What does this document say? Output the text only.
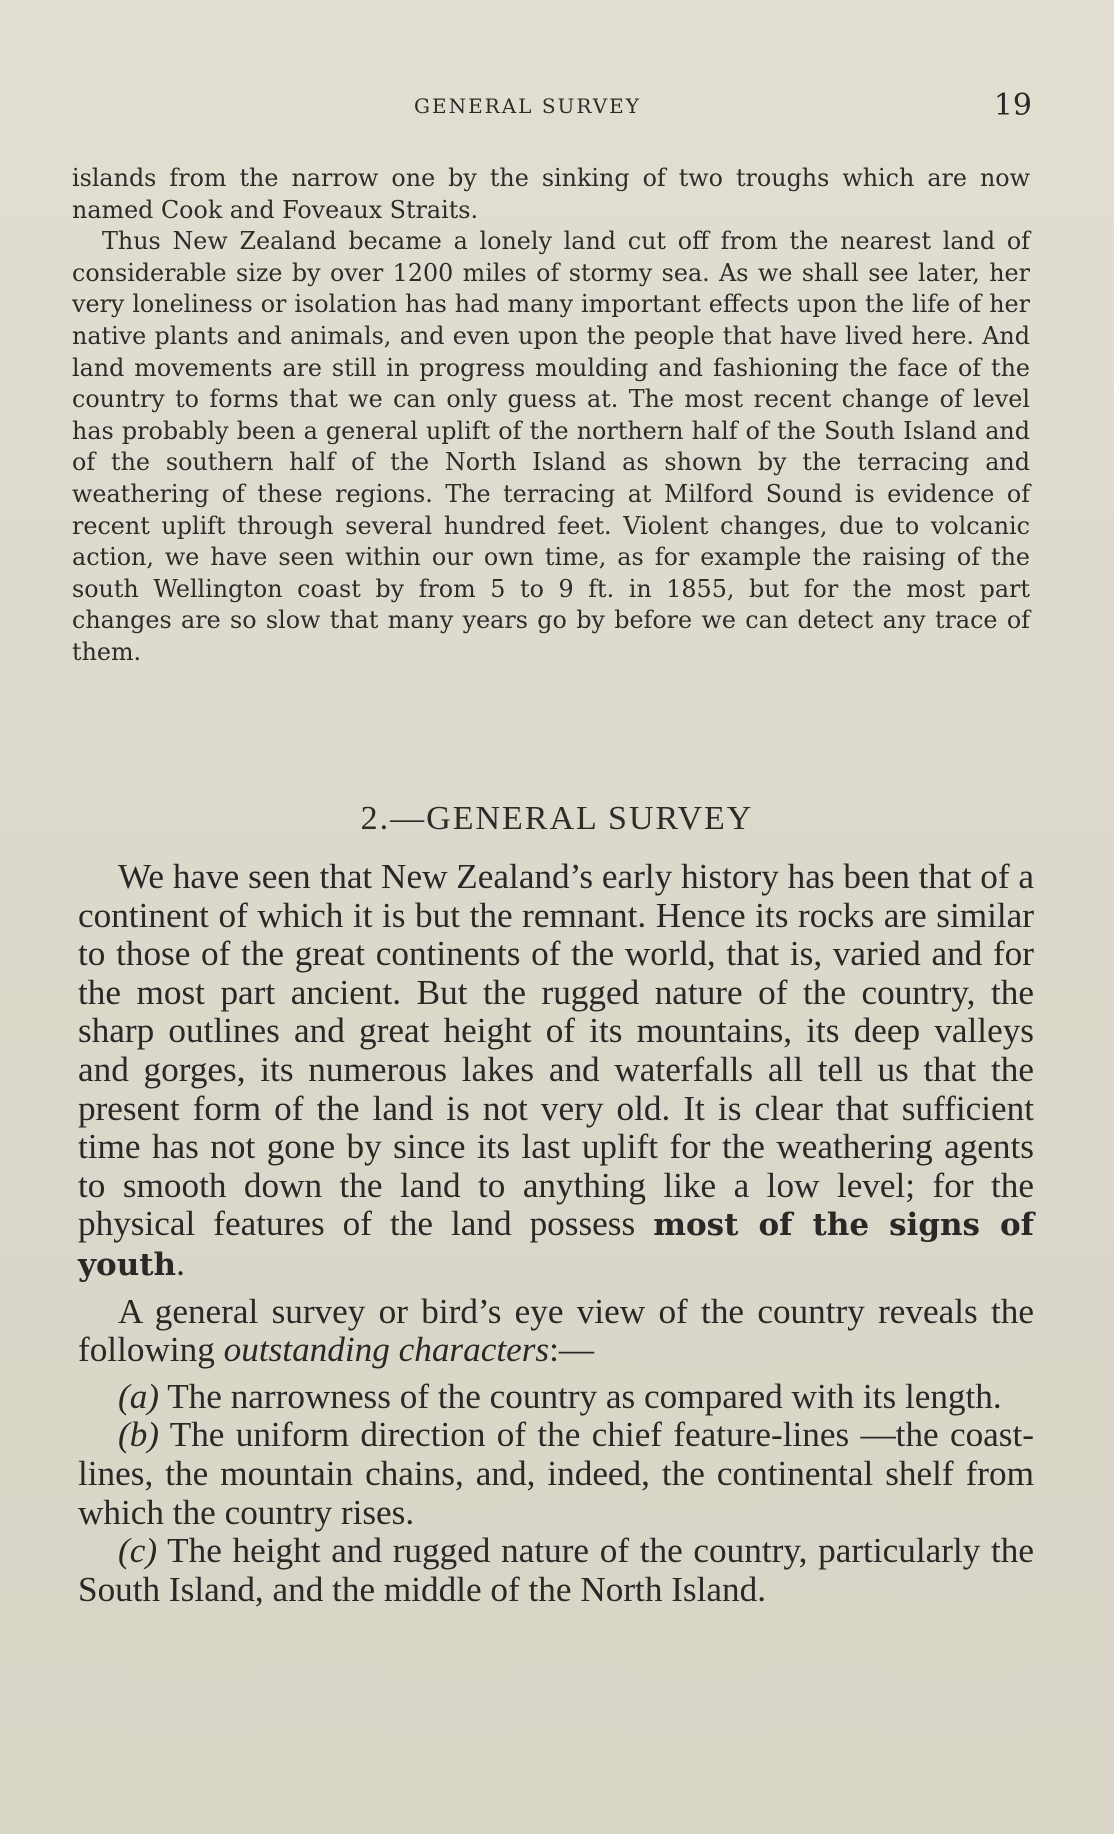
GENERAL SURVEY	19

islands from the narrow one by the sinking of two troughs which are now named Cook and Foveaux Straits.

Thus New Zealand became a lonely land cut off from the nearest land of considerable size by over 1200 miles of stormy sea. As we shall see later, her very loneliness or isolation has had many important effects upon the life of her native plants and animals, and even upon the people that have lived here. And land movements are still in progress moulding and fashioning the face of the country to forms that we can only guess at. The most recent change of level has probably been a general uplift of the northern half of the South Island and of the southern half of the North Island as shown by the terracing and weathering of these regions. The terracing at Milford Sound is evidence of recent uplift through several hundred feet. Violent changes, due to volcanic action, we have seen within our own time, as for example the raising of the south Wellington coast by from 5 to 9 ft. in 1855, but for the most part changes are so slow that many years go by before we can detect any trace of them.

2.—GENERAL SURVEY

We have seen that New Zealand’s early history has been that of a continent of which it is but the remnant. Hence its rocks are similar to those of the great continents of the world, that is, varied and for the most part ancient. But the rugged nature of the country, the sharp outlines and great height of its mountains, its deep valleys and gorges, its numerous lakes and waterfalls all tell us that the present form of the land is not very old. It is clear that sufficient time has not gone by since its last uplift for the weathering agents to smooth down the land to anything like a low level; for the physical features of the land possess most of the signs of youth.

A general survey or bird’s eye view of the country reveals the following outstanding characters:—

(a) The narrowness of the country as compared with its length.

(b) The uniform direction of the chief feature-lines —the coast-lines, the mountain chains, and, indeed, the continental shelf from which the country rises.

(c) The height and rugged nature of the country, particularly the South Island, and the middle of the North Island.
